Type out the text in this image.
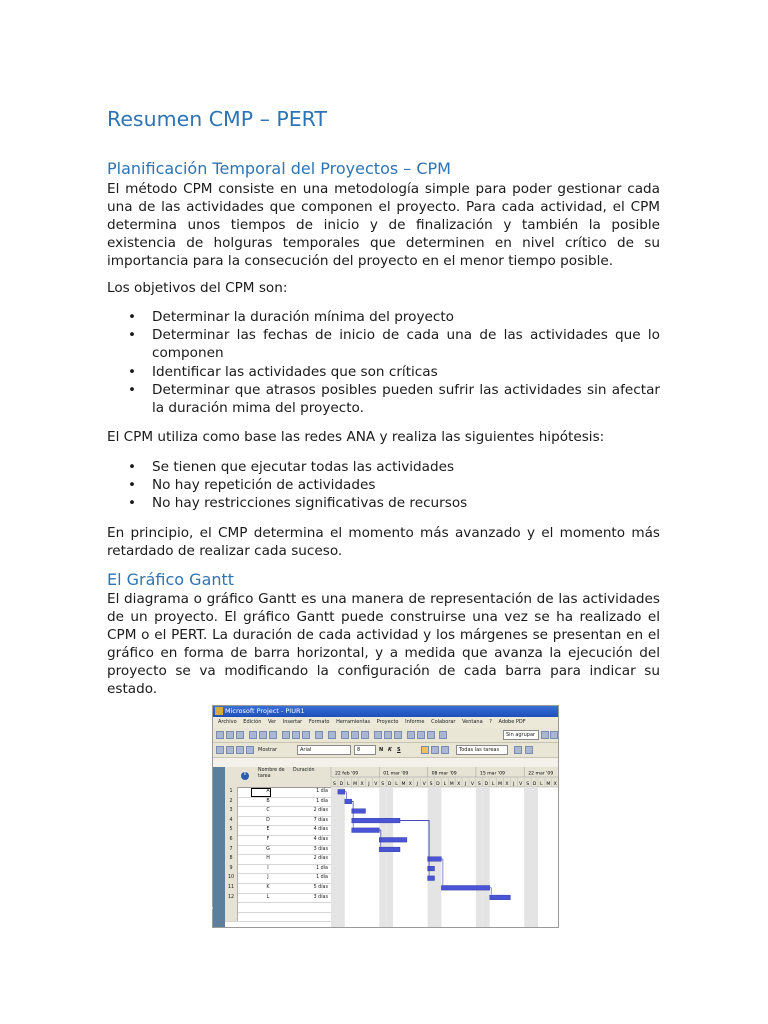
Resumen CMP – PERT
Planificación Temporal del Proyectos – CPM
El método CPM consiste en una metodología simple para poder gestionar cada una de las actividades que componen el proyecto. Para cada actividad, el CPM determina unos tiempos de inicio y de finalización y también la posible existencia de holguras temporales que determinen en nivel crítico de su importancia para la consecución del proyecto en el menor tiempo posible.
Los objetivos del CPM son:
• Determinar la duración mínima del proyecto
• Determinar las fechas de inicio de cada una de las actividades que lo componen
• Identificar las actividades que son críticas
• Determinar que atrasos posibles pueden sufrir las actividades sin afectar la duración mima del proyecto.
El CPM utiliza como base las redes ANA y realiza las siguientes hipótesis:
• Se tienen que ejecutar todas las actividades
• No hay repetición de actividades
• No hay restricciones significativas de recursos
En principio, el CMP determina el momento más avanzado y el momento más retardado de realizar cada suceso.
El Gráfico Gantt
El diagrama o gráfico Gantt es una manera de representación de las actividades de un proyecto. El gráfico Gantt puede construirse una vez se ha realizado el CPM o el PERT. La duración de cada actividad y los márgenes se presentan en el gráfico en forma de barra horizontal, y a medida que avanza la ejecución del proyecto se va modificando la configuración de cada barra para indicar su estado.
Microsoft Project - PIUR1
Archivo Edición Ver Insertar Formato Herramientas Proyecto Informe Colaborar Ventana ? Adobe PDF
Sin agrupar
Mostrar	Arial	8	N K S	Todas las tareas
Diagrama de Gantt
i
Nombre de tarea
Duración
1	A	1 día
2	B	1 día
3	C	2 días
4	D	7 días
5	E	4 días
6	F	4 días
7	G	3 días
8	H	2 días
9	I	1 día
10	J	1 día
11	K	5 días
12	L	3 días
S D L M X J V S D L M X J V S D L M X J V S D L M X J V S D L M X
22 feb '09	01 mar '09	08 mar '09	15 mar '09	22 mar '09
